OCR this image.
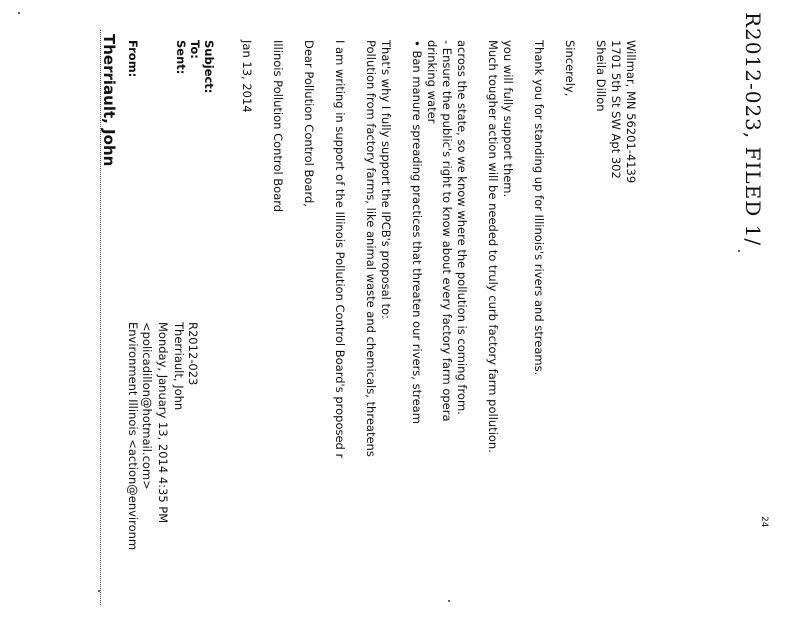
R2012-023, FILED 1/
Therriault, John From:	Sent: To: Subject:
Environment Illinois <action@environm <policadillon@hotmail.com> Monday, January 13, 2014 4:35 PM Therriault, John R2012-023
Jan 13, 2014 Illinois Pollution Control Board Dear Pollution Control Board, I am writing in support of the Illinois Pollution Control Board's proposed r Pollution from factory farms, like animal waste and chemicals, threatens That's why I fully support the IPCB's proposal to: • Ban manure spreading practices that threaten our rivers, stream drinking water - Ensure the public's right to know about every factory farm opera across the state, so we know where the pollution is coming from. Much tougher action will be needed to truly curb factory farm pollution. you will fully support them. Thank you for standing up for Illinois's rivers and streams. Sincerely, Sheila Dillon 1701 5th St SW Apt 302 Willmar, MN 56201-4139
24
